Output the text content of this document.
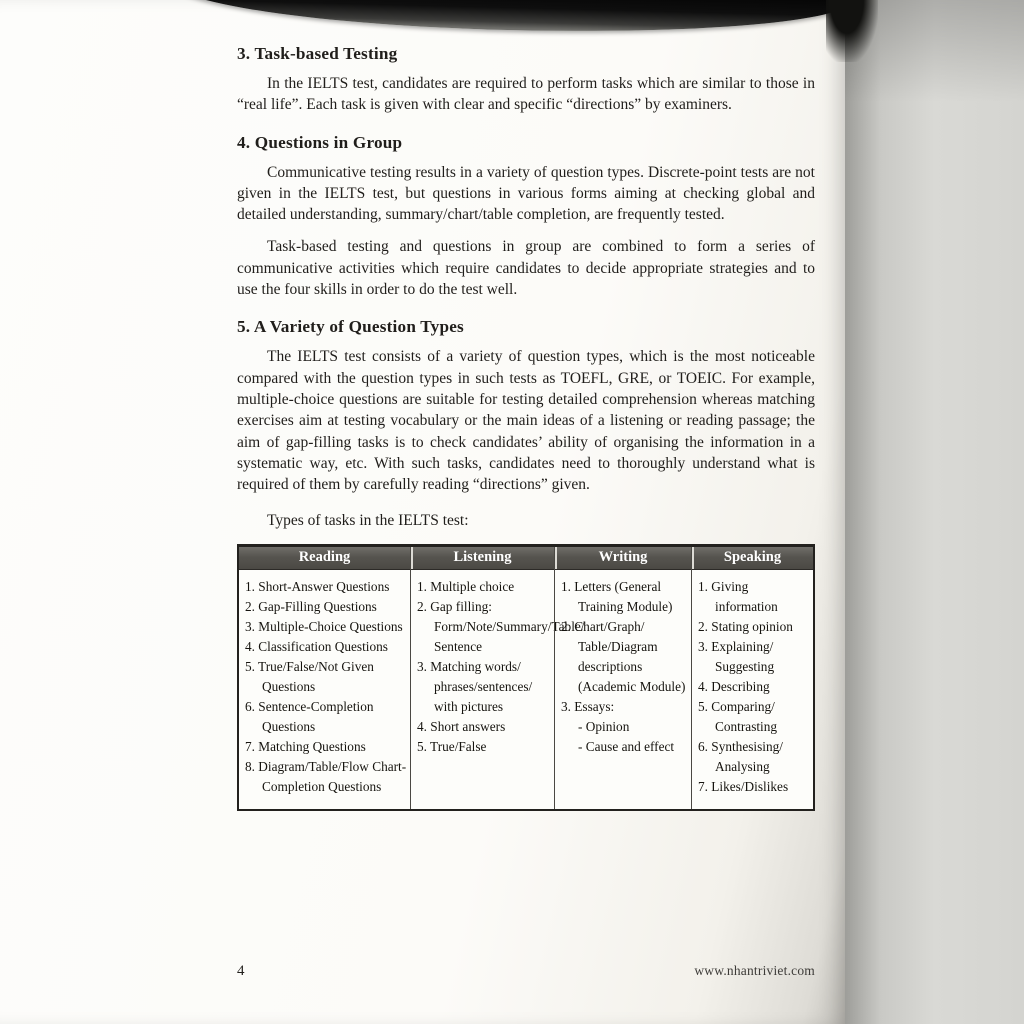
3. Task-based Testing

In the IELTS test, candidates are required to perform tasks which are similar to those in “real life”. Each task is given with clear and specific “directions” by examiners.

4. Questions in Group

Communicative testing results in a variety of question types. Discrete-point tests are not given in the IELTS test, but questions in various forms aiming at checking global and detailed understanding, summary/chart/table completion, are frequently tested.

Task-based testing and questions in group are combined to form a series of communicative activities which require candidates to decide appropriate strategies and to use the four skills in order to do the test well.

5. A Variety of Question Types

The IELTS test consists of a variety of question types, which is the most noticeable compared with the question types in such tests as TOEFL, GRE, or TOEIC. For example, multiple-choice questions are suitable for testing detailed comprehension whereas matching exercises aim at testing vocabulary or the main ideas of a listening or reading passage; the aim of gap-filling tasks is to check candidates’ ability of organising the information in a systematic way, etc. With such tasks, candidates need to thoroughly understand what is required of them by carefully reading “directions” given.

Types of tasks in the IELTS test:

Reading
1. Short-Answer Questions
2. Gap-Filling Questions
3. Multiple-Choice Questions
4. Classification Questions
5. True/False/Not Given Questions
6. Sentence-Completion Questions
7. Matching Questions
8. Diagram/Table/Flow Chart-Completion Questions
Listening
1. Multiple choice
2. Gap filling: Form/Note/Summary/Table/ Sentence
3. Matching words/ phrases/sentences/ with pictures
4. Short answers
5. True/False
Writing
1. Letters (General Training Module)
2. Chart/Graph/ Table/Diagram descriptions (Academic Module)
3. Essays:
- Opinion
- Cause and effect
Speaking
1. Giving information
2. Stating opinion
3. Explaining/ Suggesting
4. Describing
5. Comparing/ Contrasting
6. Synthesising/ Analysing
7. Likes/Dislikes
4	www.nhantriviet.com
